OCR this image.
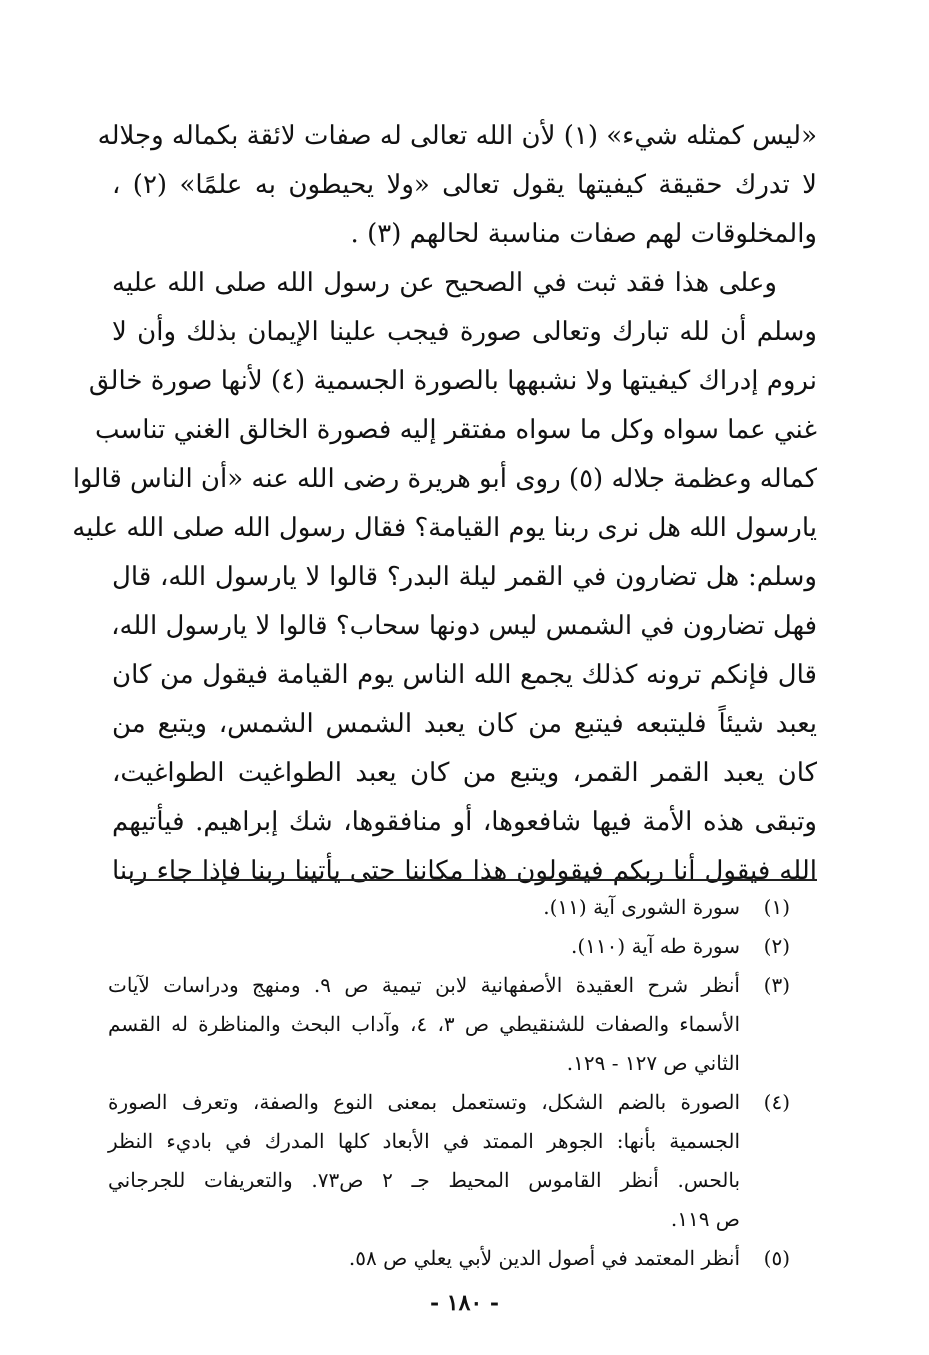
«ليس كمثله شيء» (١) لأن الله تعالى له صفات لائقة بكماله وجلاله
لا تدرك حقيقة كيفيتها يقول تعالى «ولا يحيطون به علمًا» (٢) ،
والمخلوقات لهم صفات مناسبة لحالهم (٣) .
وعلى هذا فقد ثبت في الصحيح عن رسول الله صلى الله عليه
وسلم أن لله تبارك وتعالى صورة فيجب علينا الإيمان بذلك وأن لا
نروم إدراك كيفيتها ولا نشبهها بالصورة الجسمية (٤) لأنها صورة خالق
غني عما سواه وكل ما سواه مفتقر إليه فصورة الخالق الغني تناسب
كماله وعظمة جلاله (٥) روى أبو هريرة رضى الله عنه «أن الناس قالوا
يارسول الله هل نرى ربنا يوم القيامة؟ فقال رسول الله صلى الله عليه
وسلم: هل تضارون في القمر ليلة البدر؟ قالوا لا يارسول الله، قال
فهل تضارون في الشمس ليس دونها سحاب؟ قالوا لا يارسول الله،
قال فإنكم ترونه كذلك يجمع الله الناس يوم القيامة فيقول من كان
يعبد شيئاً فليتبعه فيتبع من كان يعبد الشمس الشمس، ويتبع من
كان يعبد القمر القمر، ويتبع من كان يعبد الطواغيت الطواغيت،
وتبقى هذه الأمة فيها شافعوها، أو منافقوها، شك إبراهيم. فيأتيهم
الله فيقول أنا ربكم فيقولون هذا مكاننا حتى يأتينا ربنا فإذا جاء ربنا
(١)
سورة الشورى آية (١١).
(٢)
سورة طه آية (١١٠).
(٣)
أنظر شرح العقيدة الأصفهانية لابن تيمية ص ٩. ومنهج ودراسات لآيات
الأسماء والصفات للشنقيطي ص ٣، ٤، وآداب البحث والمناظرة له القسم
الثاني ص ١٢٧ - ١٢٩.
(٤)
الصورة بالضم الشكل، وتستعمل بمعنى النوع والصفة، وتعرف الصورة
الجسمية بأنها: الجوهر الممتد في الأبعاد كلها المدرك في باديء النظر
بالحس. أنظر القاموس المحيط جـ ٢ ص٧٣. والتعريفات للجرجاني
ص ١١٩.
(٥)
أنظر المعتمد في أصول الدين لأبي يعلي ص ٥٨.
- ١٨٠ -
